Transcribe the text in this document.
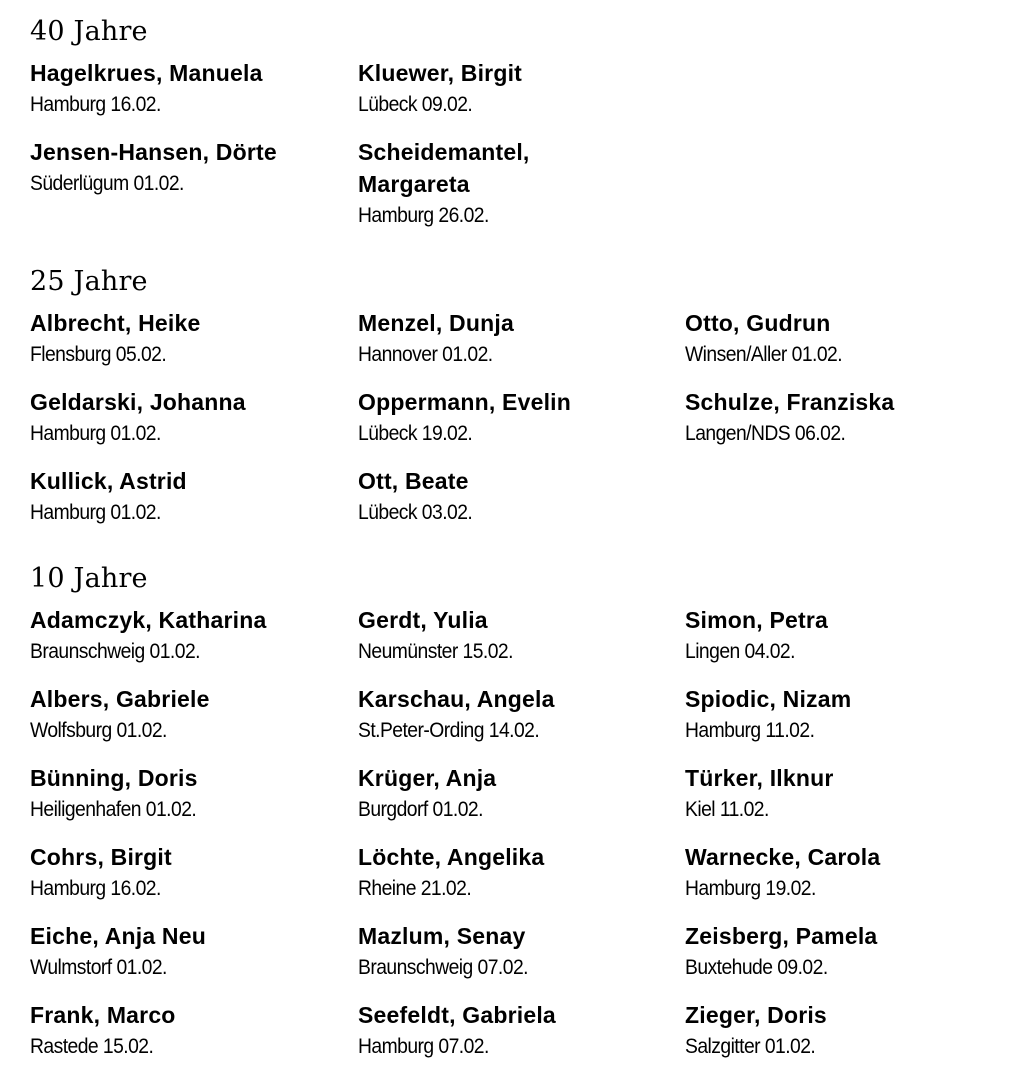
40 Jahre
Hagelkrues, Manuela
Hamburg 16.02.
Jensen-Hansen, Dörte
Süderlügum 01.02.
Kluewer, Birgit
Lübeck 09.02.
Scheidemantel,
Margareta
Hamburg 26.02.
25 Jahre
Albrecht, Heike
Flensburg 05.02.
Geldarski, Johanna
Hamburg 01.02.
Kullick, Astrid
Hamburg 01.02.
Menzel, Dunja
Hannover 01.02.
Oppermann, Evelin
Lübeck 19.02.
Ott, Beate
Lübeck 03.02.
Otto, Gudrun
Winsen/Aller 01.02.
Schulze, Franziska
Langen/NDS 06.02.
10 Jahre
Adamczyk, Katharina
Braunschweig 01.02.
Albers, Gabriele
Wolfsburg 01.02.
Bünning, Doris
Heiligenhafen 01.02.
Cohrs, Birgit
Hamburg 16.02.
Eiche, Anja Neu
Wulmstorf 01.02.
Frank, Marco
Rastede 15.02.
Gerdt, Yulia
Neumünster 15.02.
Karschau, Angela
St.Peter-Ording 14.02.
Krüger, Anja
Burgdorf 01.02.
Löchte, Angelika
Rheine 21.02.
Mazlum, Senay
Braunschweig 07.02.
Seefeldt, Gabriela
Hamburg 07.02.
Simon, Petra
Lingen 04.02.
Spiodic, Nizam
Hamburg 11.02.
Türker, Ilknur
Kiel 11.02.
Warnecke, Carola
Hamburg 19.02.
Zeisberg, Pamela
Buxtehude 09.02.
Zieger, Doris
Salzgitter 01.02.
